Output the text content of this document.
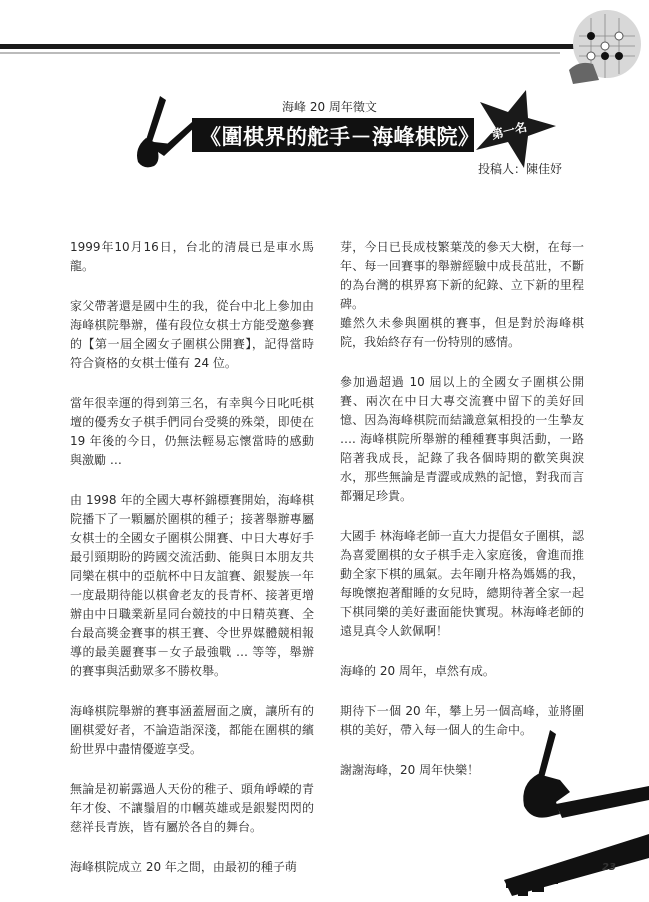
海峰 20 周年徵文
《圍棋界的舵手－海峰棋院》 第一名
投稿人：陳佳妤

1999年10月16日，台北的清晨已是車水馬龍。

家父帶著還是國中生的我，從台中北上參加由海峰棋院舉辦，僅有段位女棋士方能受邀參賽的【第一屆全國女子圍棋公開賽】，記得當時符合資格的女棋士僅有 24 位。

當年很幸運的得到第三名，有幸與今日叱吒棋壇的優秀女子棋手們同台受獎的殊榮，即使在 19 年後的今日，仍無法輕易忘懷當時的感動與激勵 …

由 1998 年的全國大專杯錦標賽開始，海峰棋院播下了一顆屬於圍棋的種子；接著舉辦專屬女棋士的全國女子圍棋公開賽、中日大專好手最引頸期盼的跨國交流活動、能與日本朋友共同樂在棋中的亞航杯中日友誼賽、銀髮族一年一度最期待能以棋會老友的長青杯、接著更增辦由中日職業新星同台競技的中日精英賽、全台最高獎金賽事的棋王賽、令世界媒體競相報導的最美麗賽事－女子最強戰 … 等等，舉辦的賽事與活動眾多不勝枚舉。

海峰棋院舉辦的賽事涵蓋層面之廣，讓所有的圍棋愛好者，不論造詣深淺，都能在圍棋的繽紛世界中盡情優遊享受。

無論是初嶄露過人天份的稚子、頭角崢嶸的青年才俊、不讓鬚眉的巾幗英雄或是銀髮閃閃的慈祥長青族，皆有屬於各自的舞台。

海峰棋院成立 20 年之間，由最初的種子萌

芽，今日已長成枝繁葉茂的參天大樹，在每一年、每一回賽事的舉辦經驗中成長茁壯，不斷的為台灣的棋界寫下新的紀錄、立下新的里程碑。

雖然久未參與圍棋的賽事，但是對於海峰棋院，我始終存有一份特別的感情。

參加過超過 10 屆以上的全國女子圍棋公開賽、兩次在中日大專交流賽中留下的美好回憶、因為海峰棋院而結識意氣相投的一生摯友 …. 海峰棋院所舉辦的種種賽事與活動，一路陪著我成長，記錄了我各個時期的歡笑與淚水，那些無論是青澀或成熟的記憶，對我而言都彌足珍貴。

大國手 林海峰老師一直大力提倡女子圍棋，認為喜愛圍棋的女子棋手走入家庭後，會進而推動全家下棋的風氣。去年剛升格為媽媽的我，每晚懷抱著酣睡的女兒時，總期待著全家一起下棋同樂的美好畫面能快實現。林海峰老師的遠見真令人欽佩啊！

海峰的 20 周年，卓然有成。

期待下一個 20 年，攀上另一個高峰，並將圍棋的美好，帶入每一個人的生命中。

謝謝海峰，20 周年快樂！

23
